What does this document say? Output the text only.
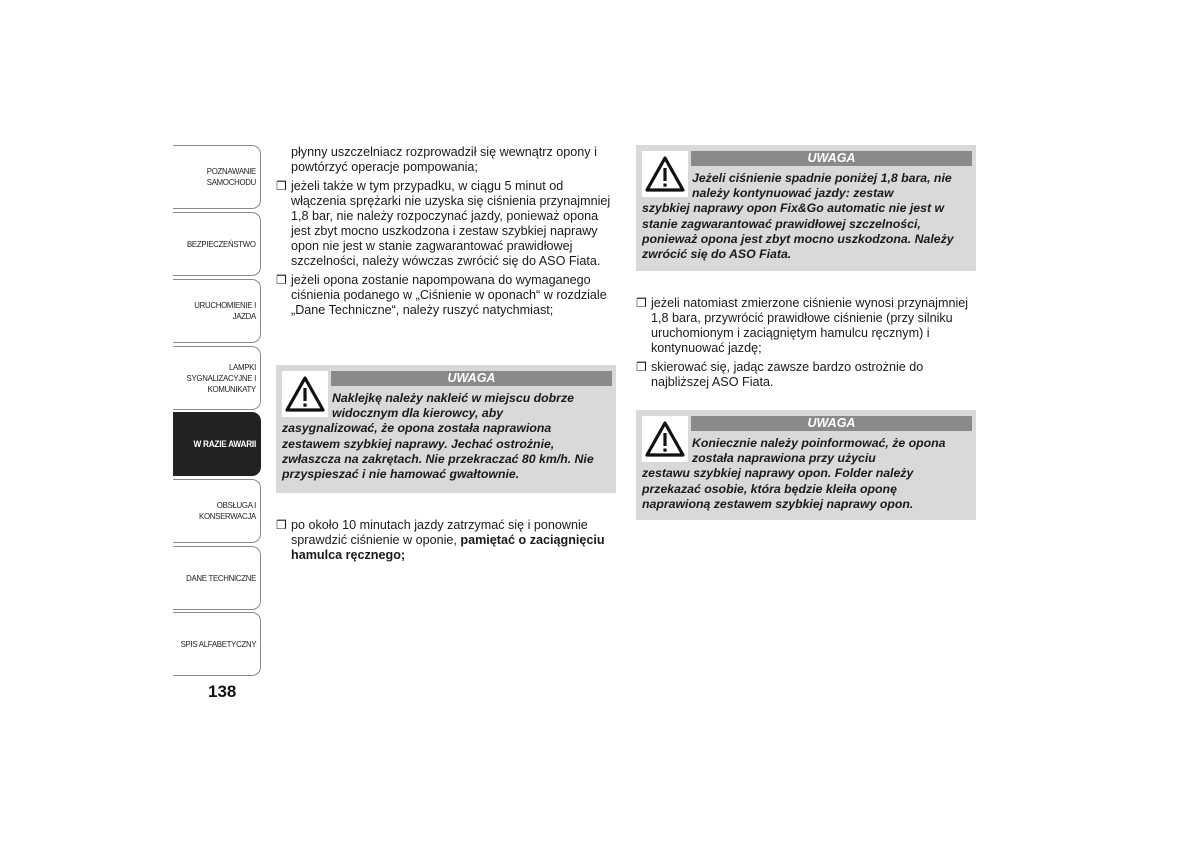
POZNAWANIE SAMOCHODU
BEZPIECZEŃSTWO
URUCHOMIENIE I JAZDA
LAMPKI SYGNALIZACYJNE I KOMUNIKATY
W RAZIE AWARII
OBSŁUGA I KONSERWACJA
DANE TECHNICZNE
SPIS ALFABETYCZNY
138

płynny uszczelniacz rozprowadził się wewnątrz opony i powtórzyć operacje pompowania;

❒ jeżeli także w tym przypadku, w ciągu 5 minut od włączenia sprężarki nie uzyska się ciśnienia przynajmniej 1,8 bar, nie należy rozpoczynać jazdy, ponieważ opona jest zbyt mocno uszkodzona i zestaw szybkiej naprawy opon nie jest w stanie zagwarantować prawidłowej szczelności, należy wówczas zwrócić się do ASO Fiata.

❒ jeżeli opona zostanie napompowana do wymaganego ciśnienia podanego w „Ciśnienie w oponach“ w rozdziale „Dane Techniczne“, należy ruszyć natychmiast;

UWAGA
Naklejkę należy nakleić w miejscu dobrze widocznym dla kierowcy, aby
zasygnalizować, że opona została naprawiona zestawem szybkiej naprawy. Jechać ostrożnie, zwłaszcza na zakrętach. Nie przekraczać 80 km/h. Nie przyspieszać i nie hamować gwałtownie.

❒ po około 10 minutach jazdy zatrzymać się i ponownie sprawdzić ciśnienie w oponie, pamiętać o zaciągnięciu hamulca ręcznego;

UWAGA
Jeżeli ciśnienie spadnie poniżej 1,8 bara, nie należy kontynuować jazdy: zestaw
szybkiej naprawy opon Fix&Go automatic nie jest w stanie zagwarantować prawidłowej szczelności, ponieważ opona jest zbyt mocno uszkodzona. Należy zwrócić się do ASO Fiata.

❒ jeżeli natomiast zmierzone ciśnienie wynosi przynajmniej 1,8 bara, przywrócić prawidłowe ciśnienie (przy silniku uruchomionym i zaciągniętym hamulcu ręcznym) i kontynuować jazdę;

❒ skierować się, jadąc zawsze bardzo ostrożnie do najbliższej ASO Fiata.

UWAGA
Koniecznie należy poinformować, że opona została naprawiona przy użyciu
zestawu szybkiej naprawy opon. Folder należy przekazać osobie, która będzie kleiła oponę naprawioną zestawem szybkiej naprawy opon.
